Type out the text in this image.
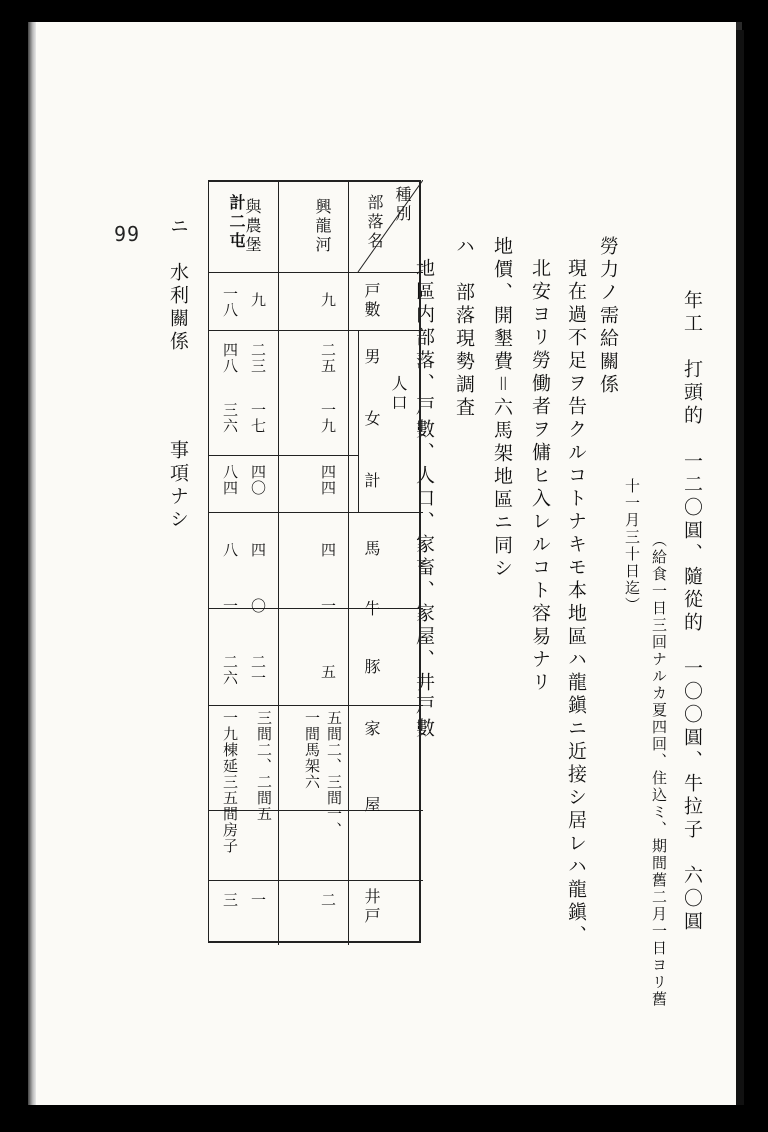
年工　打頭的　一二〇圓、隨從的　一〇〇圓、牛拉子　六〇圓
（給食一日三回ナルカ夏四回、住込ミ、期間舊二月一日ヨリ舊
十一月三十日迄）
勞力ノ需給關係
現在過不足ヲ告クルコトナキモ本地區ハ龍鎭ニ近接シ居レハ龍鎭、
北安ヨリ勞働者ヲ傭ヒ入レルコト容易ナリ
地價、開墾費＝六馬架地區ニ同シ
ハ　部落現勢調査
地區内部落、戸數、人口、家畜、家屋、井戸數
種別
部落名
戸數
人口
男
女
計
馬
牛
豚
家屋
井戸
興龍河
九
二五
一九
四四
四
一
五
五間二、三間一、
一間馬架六
二
與農堡
九
二三
一七
四〇
四
〇
二一
三間二、二間五
一
計二屯
一八
四八
三六
八四
八
一
二六
一九棟延三五間房子
三
ニ　水利關係
事項ナシ
99
